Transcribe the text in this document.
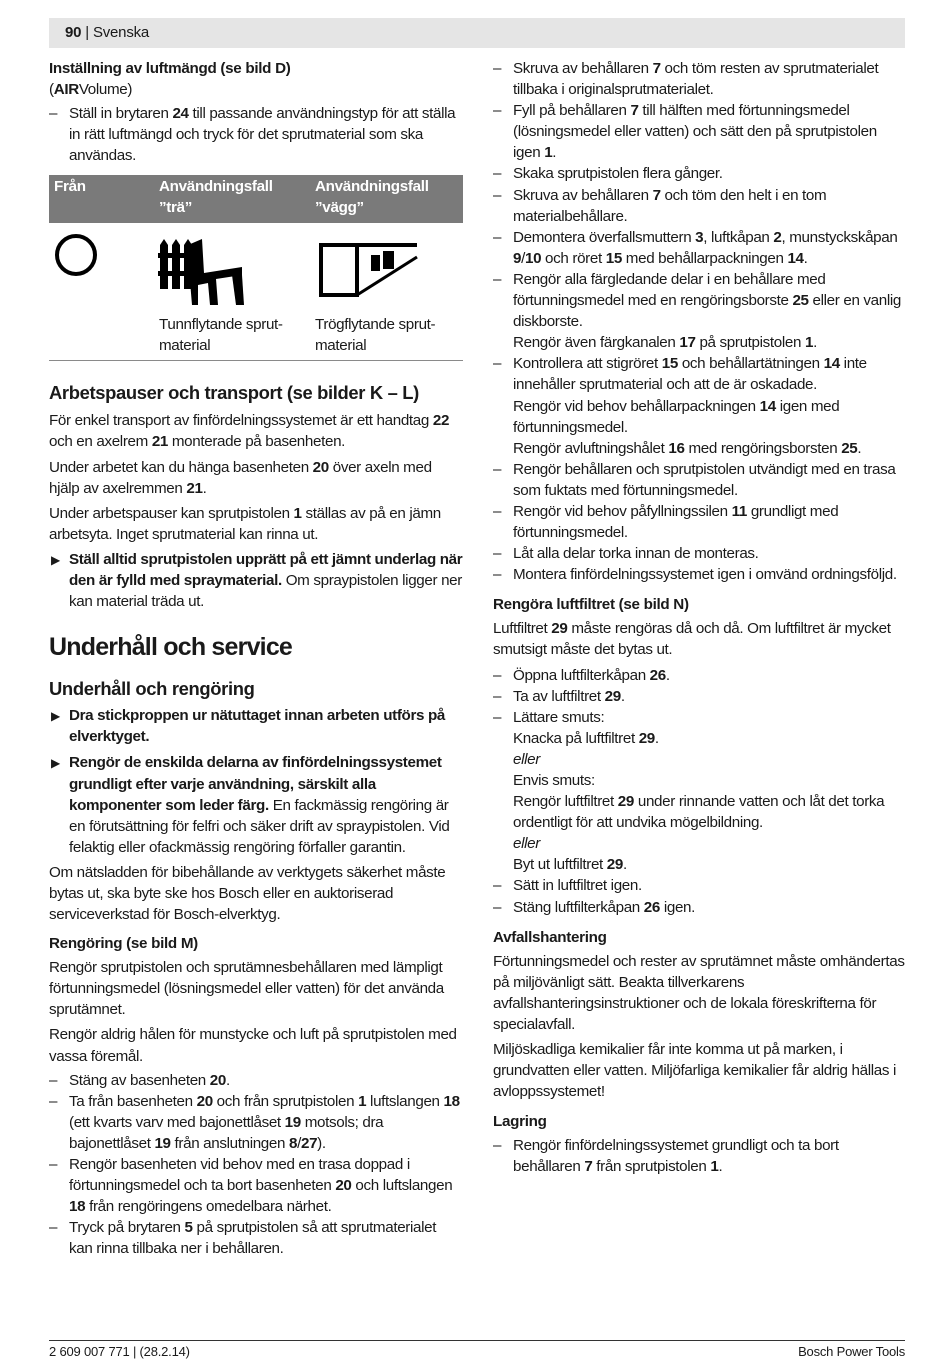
90 | Svenska
Inställning av luftmängd (se bild D)
(AIRVolume)
– Ställ in brytaren 24 till passande användningstyp för att ställa in rätt luftmängd och tryck för det sprutmaterial som ska användas.
Från	Användningsfall
”trä”
Användningsfall
”vägg”
Tunnflytande sprut-
material
Trögflytande sprut-
material
Arbetspauser och transport (se bilder K – L)
För enkel transport av finfördelningssystemet är ett handtag 22 och en axelrem 21 monterade på basenheten.
Under arbetet kan du hänga basenheten 20 över axeln med hjälp av axelremmen 21.
Under arbetspauser kan sprutpistolen 1 ställas av på en jämn arbetsyta. Inget sprutmaterial kan rinna ut.
▶ Ställ alltid sprutpistolen upprätt på ett jämnt underlag när den är fylld med spraymaterial. Om spraypistolen ligger ner kan material träda ut.
Underhåll och service
Underhåll och rengöring
▶ Dra stickproppen ur nätuttaget innan arbeten utförs på elverktyget.
▶ Rengör de enskilda delarna av finfördelningssystemet grundligt efter varje användning, särskilt alla komponenter som leder färg. En fackmässig rengöring är en förutsättning för felfri och säker drift av spraypistolen. Vid felaktig eller ofackmässig rengöring förfaller garantin.
Om nätsladden för bibehållande av verktygets säkerhet måste bytas ut, ska byte ske hos Bosch eller en auktoriserad serviceverkstad för Bosch-elverktyg.
Rengöring (se bild M)
Rengör sprutpistolen och sprutämnesbehållaren med lämpligt förtunningsmedel (lösningsmedel eller vatten) för det använda sprutämnet.
Rengör aldrig hålen för munstycke och luft på sprutpistolen med vassa föremål.
– Stäng av basenheten 20.
– Ta från basenheten 20 och från sprutpistolen 1 luftslangen 18 (ett kvarts varv med bajonettlåset 19 motsols; dra bajonettlåset 19 från anslutningen 8/27).
– Rengör basenheten vid behov med en trasa doppad i förtunningsmedel och ta bort basenheten 20 och luftslangen 18 från rengöringens omedelbara närhet.
– Tryck på brytaren 5 på sprutpistolen så att sprutmaterialet kan rinna tillbaka ner i behållaren.
– Skruva av behållaren 7 och töm resten av sprutmaterialet tillbaka i originalsprutmaterialet.
– Fyll på behållaren 7 till hälften med förtunningsmedel (lösningsmedel eller vatten) och sätt den på sprutpistolen igen 1.
– Skaka sprutpistolen flera gånger.
– Skruva av behållaren 7 och töm den helt i en tom materialbehållare.
– Demontera överfallsmuttern 3, luftkåpan 2, munstyckskåpan 9/10 och röret 15 med behållarpackningen 14.
– Rengör alla färgledande delar i en behållare med förtunningsmedel med en rengöringsborste 25 eller en vanlig diskborste.
Rengör även färgkanalen 17 på sprutpistolen 1.
– Kontrollera att stigröret 15 och behållartätningen 14 inte innehåller sprutmaterial och att de är oskadade.
Rengör vid behov behållarpackningen 14 igen med förtunningsmedel.
Rengör avluftningshålet 16 med rengöringsborsten 25.
– Rengör behållaren och sprutpistolen utvändigt med en trasa som fuktats med förtunningsmedel.
– Rengör vid behov påfyllningssilen 11 grundligt med förtunningsmedel.
– Låt alla delar torka innan de monteras.
– Montera finfördelningssystemet igen i omvänd ordningsföljd.
Rengöra luftfiltret (se bild N)
Luftfiltret 29 måste rengöras då och då. Om luftfiltret är mycket smutsigt måste det bytas ut.
– Öppna luftfilterkåpan 26.
– Ta av luftfiltret 29.
– Lättare smuts:
Knacka på luftfiltret 29.
eller
Envis smuts:
Rengör luftfiltret 29 under rinnande vatten och låt det torka ordentligt för att undvika mögelbildning.
eller
Byt ut luftfiltret 29.
– Sätt in luftfiltret igen.
– Stäng luftfilterkåpan 26 igen.
Avfallshantering
Förtunningsmedel och rester av sprutämnet måste omhändertas på miljövänligt sätt. Beakta tillverkarens avfallshanteringsinstruktioner och de lokala föreskrifterna för specialavfall.
Miljöskadliga kemikalier får inte komma ut på marken, i grundvatten eller vatten. Miljöfarliga kemikalier får aldrig hällas i avloppssystemet!
Lagring
– Rengör finfördelningssystemet grundligt och ta bort behållaren 7 från sprutpistolen 1.
2 609 007 771 | (28.2.14)	Bosch Power Tools
